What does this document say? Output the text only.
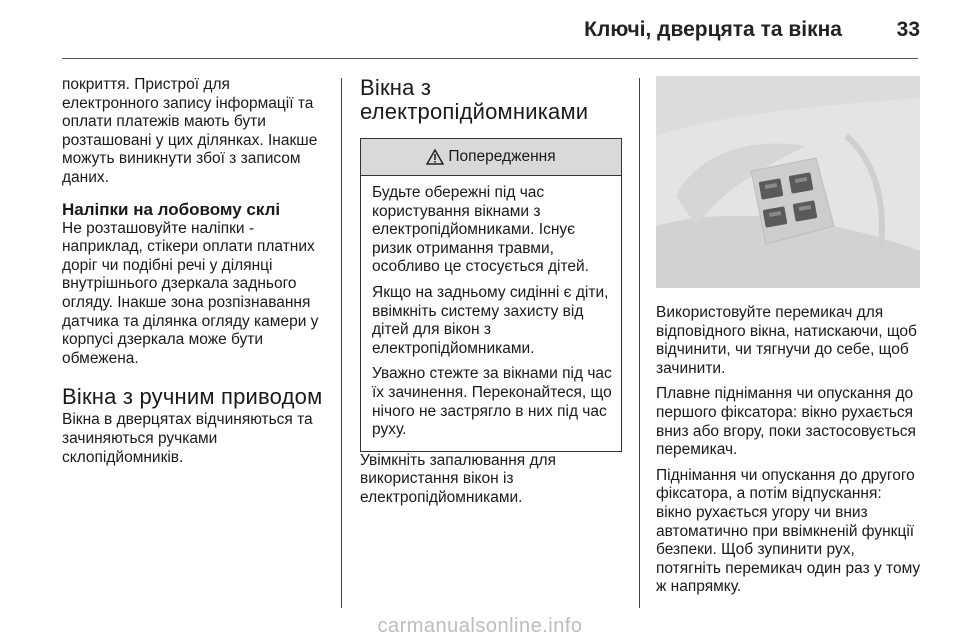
Ключі, дверцята та вікна	33

покриття. Пристрої для електронного запису інформації та оплати платежів мають бути розташовані у цих ділянках. Інакше можуть виникнути збої з записом даних.

Наліпки на лобовому склі

Не розташовуйте наліпки - наприклад, стікери оплати платних доріг чи подібні речі у ділянці внутрішнього дзеркала заднього огляду. Інакше зона розпізнавання датчика та ділянка огляду камери у корпусі дзеркала може бути обмежена.

Вікна з ручним приводом

Вікна в дверцятах відчиняються та зачиняються ручками склопідйомників.

Вікна з електропідйомниками
Попередження

Будьте обережні під час користування вікнами з електропідйомниками. Існує ризик отримання травми, особливо це стосується дітей.

Якщо на задньому сидінні є діти, ввімкніть систему захисту від дітей для вікон з електропідйомниками.

Уважно стежте за вікнами під час їх зачинення. Переконайтеся, що нічого не застрягло в них під час руху.

Увімкніть запалювання для використання вікон із електропідйомниками.

Використовуйте перемикач для відповідного вікна, натискаючи, щоб відчинити, чи тягнучи до себе, щоб зачинити.

Плавне піднімання чи опускання до першого фіксатора: вікно рухається вниз або вгору, поки застосовується перемикач.

Піднімання чи опускання до другого фіксатора, а потім відпускання: вікно рухається угору чи вниз автоматично при ввімкненій функції безпеки. Щоб зупинити рух, потягніть перемикач один раз у тому ж напрямку.

carmanualsonline.info
